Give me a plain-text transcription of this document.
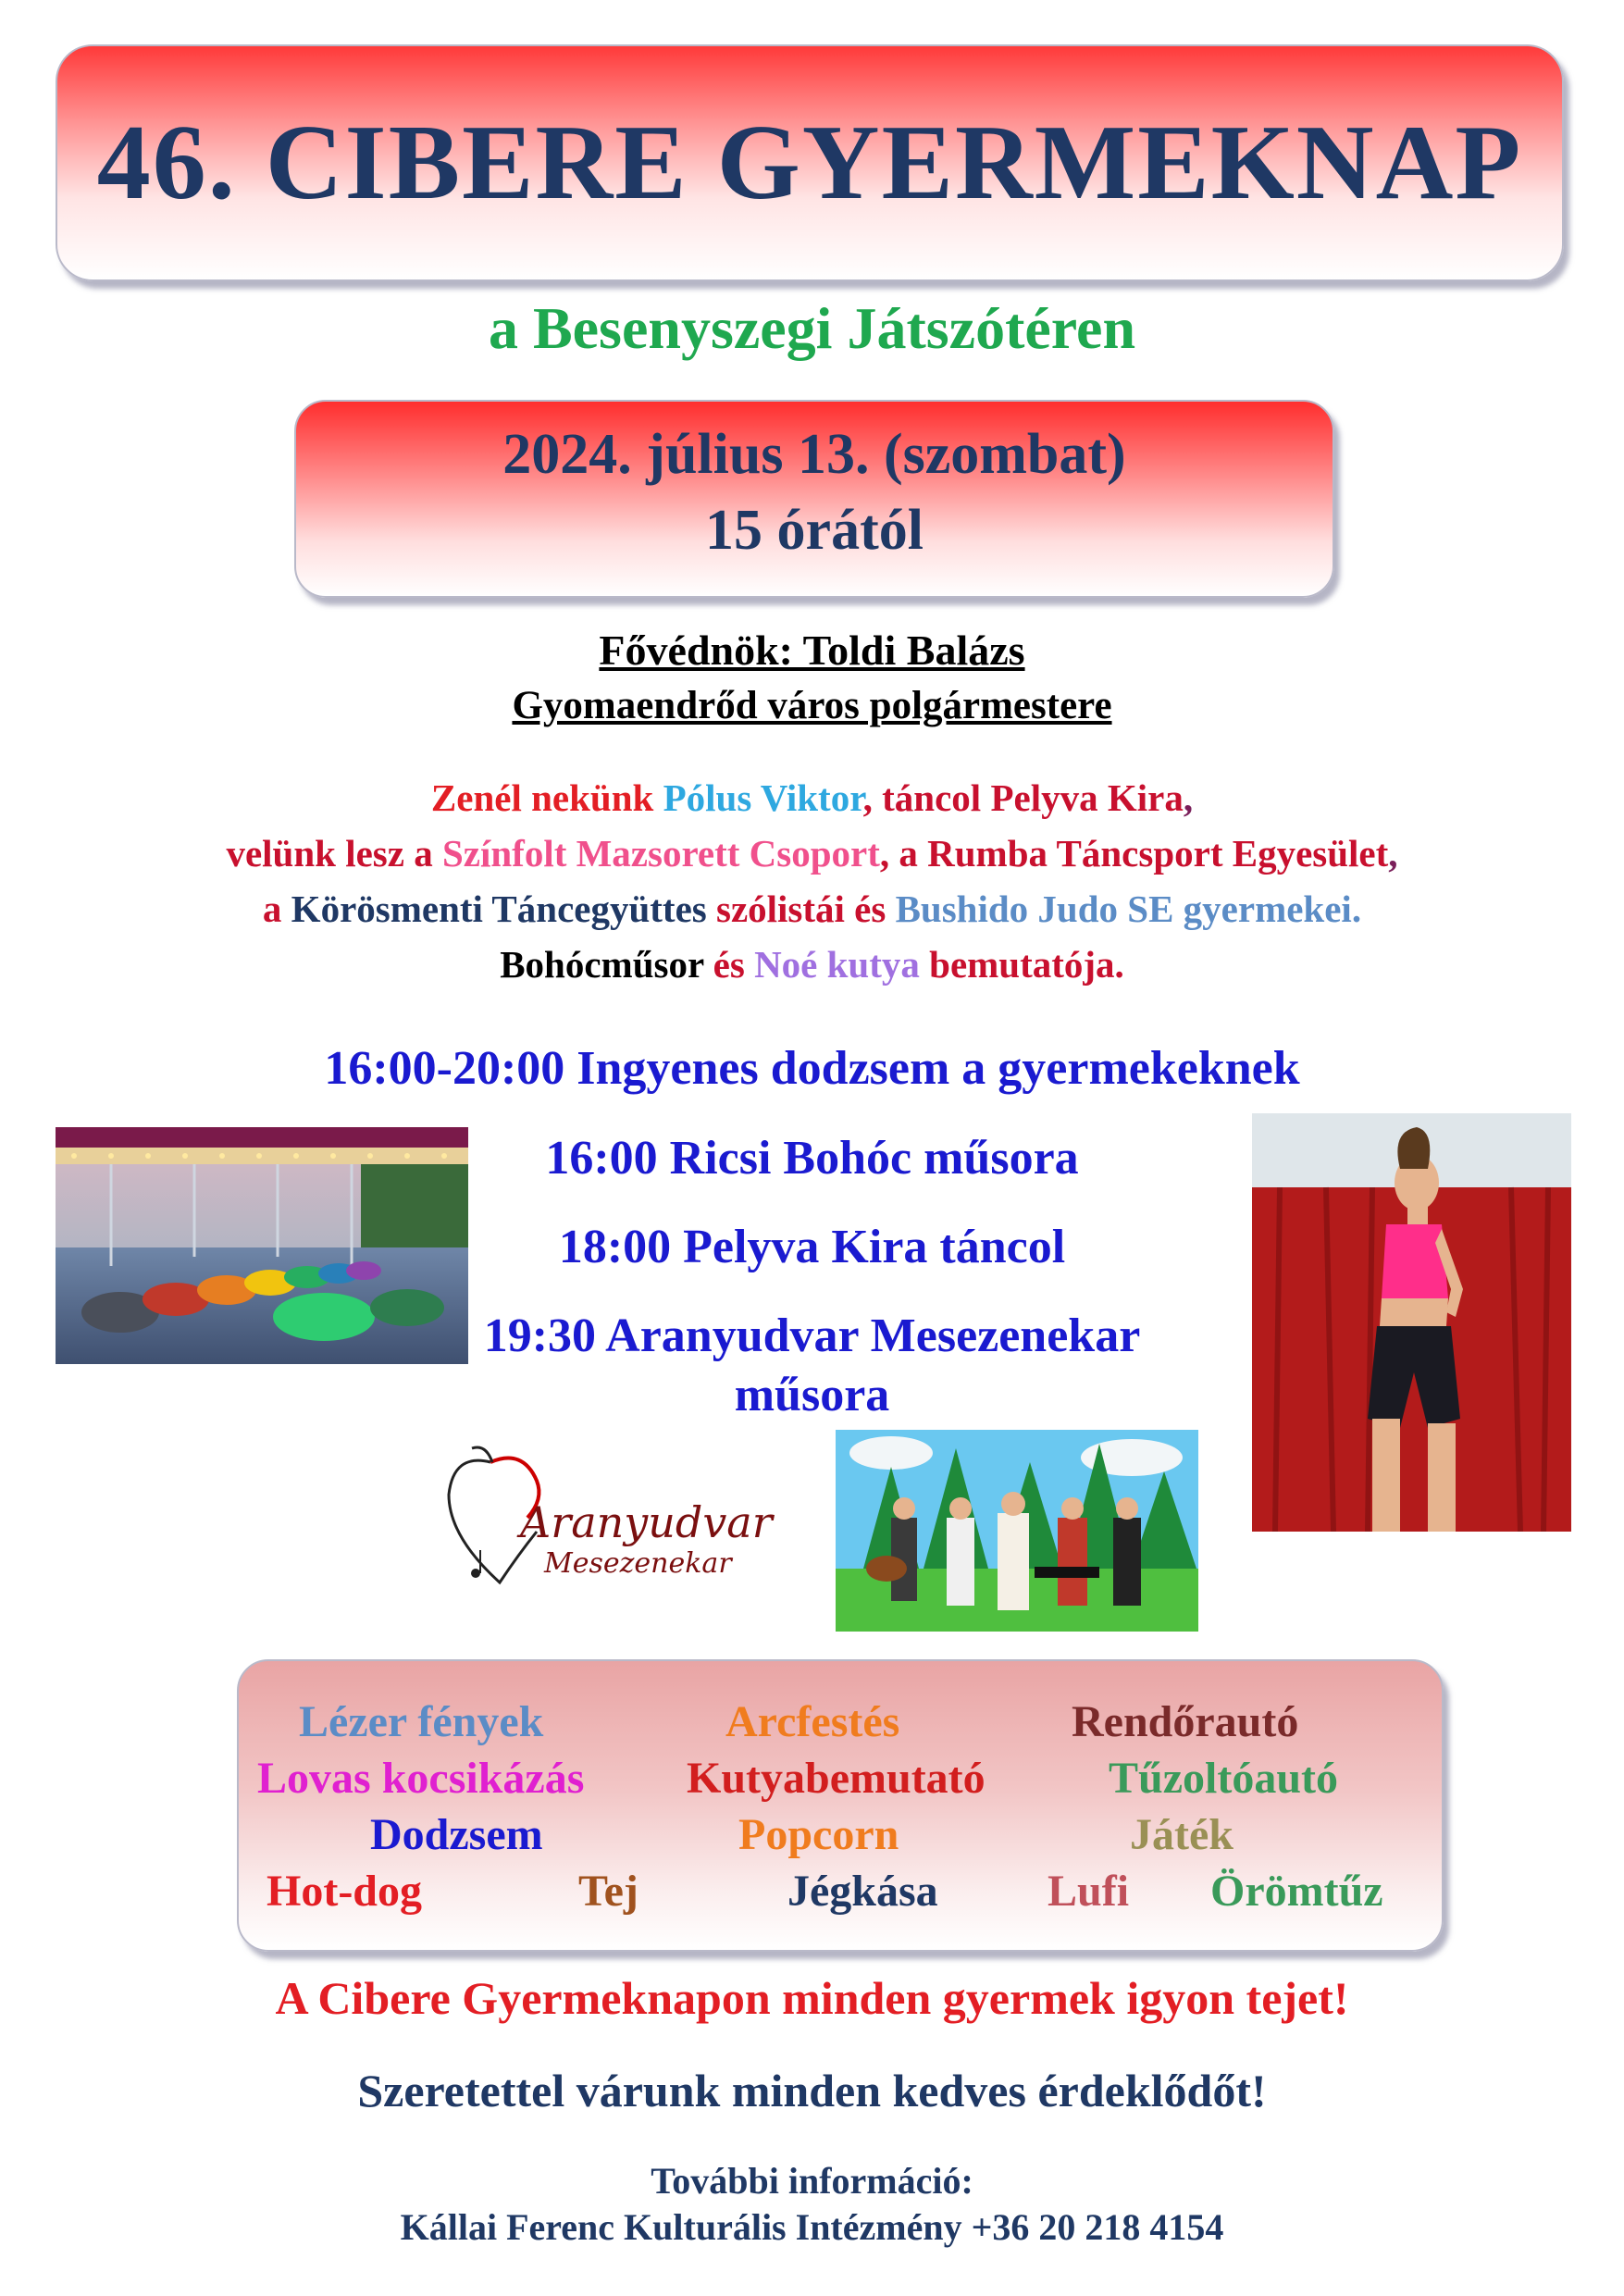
46. CIBERE GYERMEKNAP
a Besenyszegi Játszótéren
2024. július 13. (szombat)
15 órától
Fővédnök: Toldi Balázs
Gyomaendrőd város polgármestere
Zenél nekünk Pólus Viktor, táncol Pelyva Kira,
velünk lesz a Színfolt Mazsorett Csoport, a Rumba Táncsport Egyesület,
a Körösmenti Táncegyüttes szólistái és Bushido Judo SE gyermekei.
Bohócműsor és Noé kutya bemutatója.
16:00-20:00 Ingyenes dodzsem a gyermekeknek
16:00 Ricsi Bohóc műsora
18:00 Pelyva Kira táncol
19:30 Aranyudvar Mesezenekar
műsora
Aranyudvar
Mesezenekar
Lézer fények	Arcfestés	Rendőrautó
Lovas kocsikázás Kutyabemutató	Tűzoltóautó
Dodzsem	Popcorn	Játék
Hot-dog	Tej	Jégkása Lufi Örömtűz
A Cibere Gyermeknapon minden gyermek igyon tejet!
Szeretettel várunk minden kedves érdeklődőt!
További információ:
Kállai Ferenc Kulturális Intézmény +36 20 218 4154
